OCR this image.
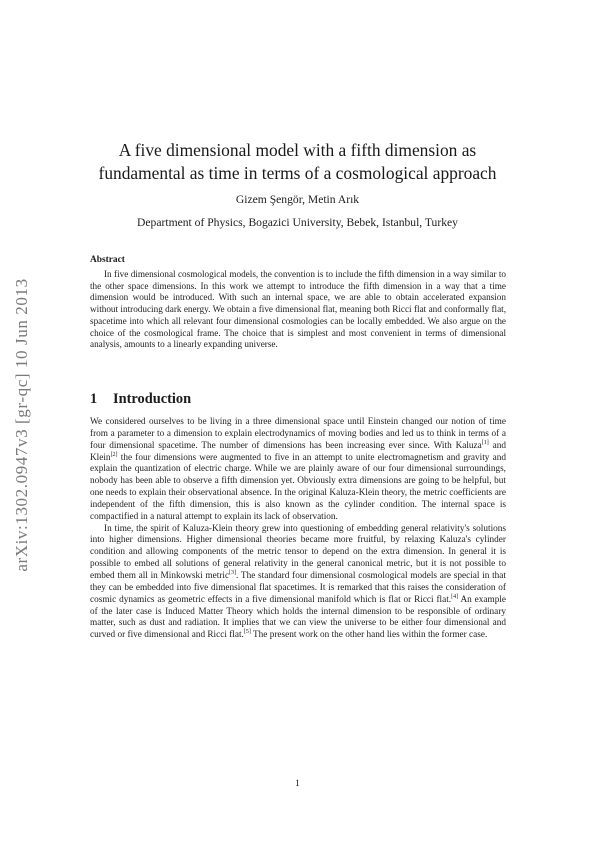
arXiv:1302.0947v3 [gr-qc] 10 Jun 2013
A five dimensional model with a fifth dimension as
fundamental as time in terms of a cosmological approach
Gizem Şengör, Metin Arık
Department of Physics, Bogazici University, Bebek, Istanbul, Turkey
Abstract
In five dimensional cosmological models, the convention is to include the fifth dimension in a way similar to the other space dimensions. In this work we attempt to introduce the fifth dimension in a way that a time dimension would be introduced. With such an internal space, we are able to obtain accelerated expansion without introducing dark energy. We obtain a five dimensional flat, meaning both Ricci flat and conformally flat, spacetime into which all relevant four dimensional cosmologies can be locally embedded. We also argue on the choice of the cosmological frame. The choice that is simplest and most convenient in terms of dimensional analysis, amounts to a linearly expanding universe.
1 Introduction

We considered ourselves to be living in a three dimensional space until Einstein changed our notion of time from a parameter to a dimension to explain electrodynamics of moving bodies and led us to think in terms of a four dimensional spacetime. The number of dimensions has been increasing ever since. With Kaluza[1] and Klein[2] the four dimensions were augmented to five in an attempt to unite electromagnetism and gravity and explain the quantization of electric charge. While we are plainly aware of our four dimensional surroundings, nobody has been able to observe a fifth dimension yet. Obviously extra dimensions are going to be helpful, but one needs to explain their observational absence. In the original Kaluza-Klein theory, the metric coefficients are independent of the fifth dimension, this is also known as the cylinder condition. The internal space is compactified in a natural attempt to explain its lack of observation.

In time, the spirit of Kaluza-Klein theory grew into questioning of embedding general relativity's solutions into higher dimensions. Higher dimensional theories became more fruitful, by relaxing Kaluza's cylinder condition and allowing components of the metric tensor to depend on the extra dimension. In general it is possible to embed all solutions of general relativity in the general canonical metric, but it is not possible to embed them all in Minkowski metric[3]. The standard four dimensional cosmological models are special in that they can be embedded into five dimensional flat spacetimes. It is remarked that this raises the consideration of cosmic dynamics as geometric effects in a five dimensional manifold which is flat or Ricci flat.[4] An example of the later case is Induced Matter Theory which holds the internal dimension to be responsible of ordinary matter, such as dust and radiation. It implies that we can view the universe to be either four dimensional and curved or five dimensional and Ricci flat.[5] The present work on the other hand lies within the former case.

1
